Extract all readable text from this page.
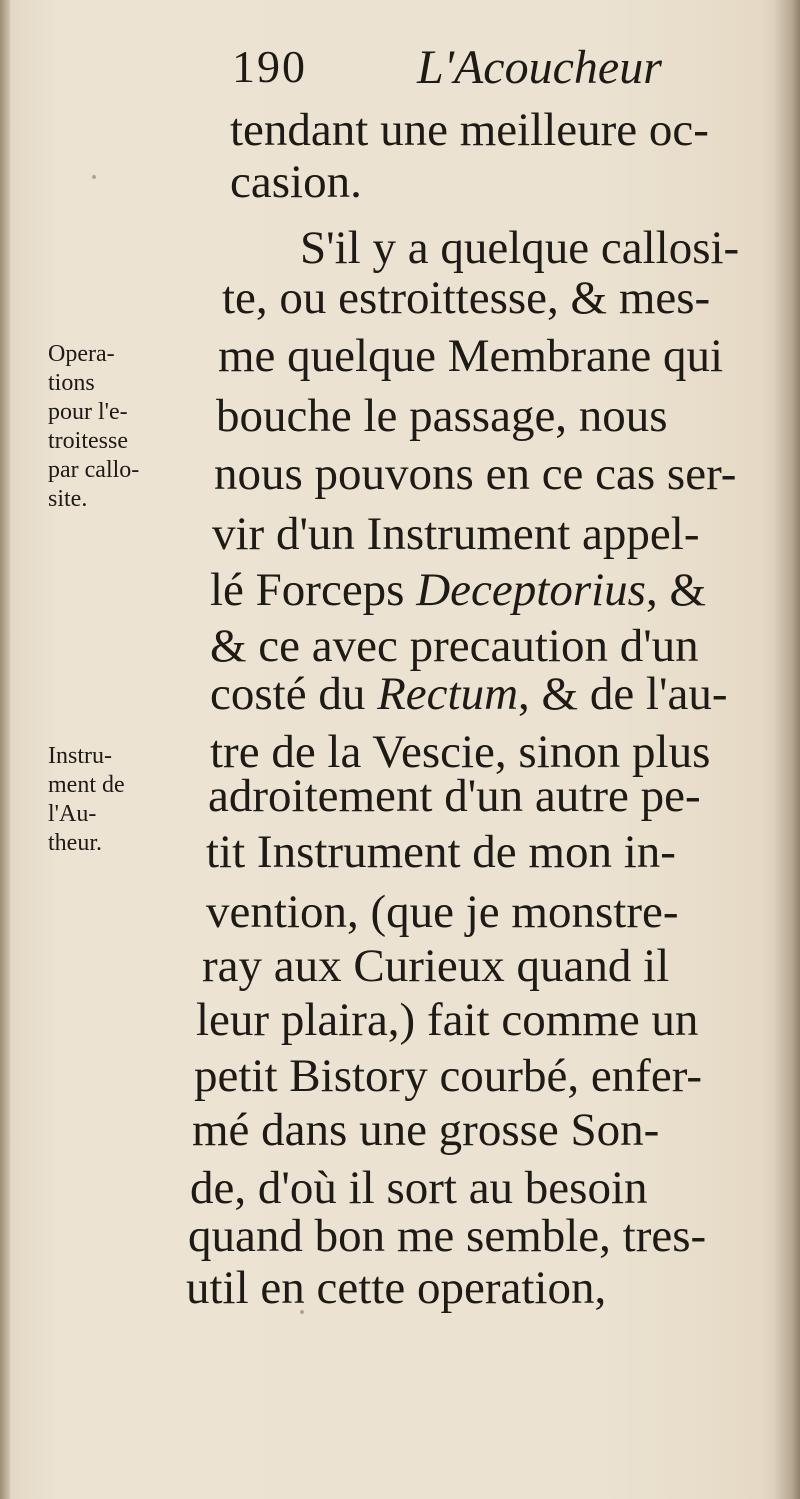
190 L'Acoucheur
tendant une meilleure oc-
casion.
S'il y a quelque callosi-
te, ou estroittesse, & mes-
me quelque Membrane qui
bouche le passage, nous
nous pouvons en ce cas ser-
vir d'un Instrument appel-
lé Forceps Deceptorius, &
& ce avec precaution d'un
costé du Rectum, & de l'au-
tre de la Vescie, sinon plus
adroitement d'un autre pe-
tit Instrument de mon in-
vention, (que je monstre-
ray aux Curieux quand il
leur plaira,) fait comme un
petit Bistory courbé, enfer-
mé dans une grosse Son-
de, d'où il sort au besoin
quand bon me semble, tres-
util en cette operation,
Opera-
tions
pour l'e-
troitesse
par callo-
site.
Instru-
ment de
l'Au-
theur.
